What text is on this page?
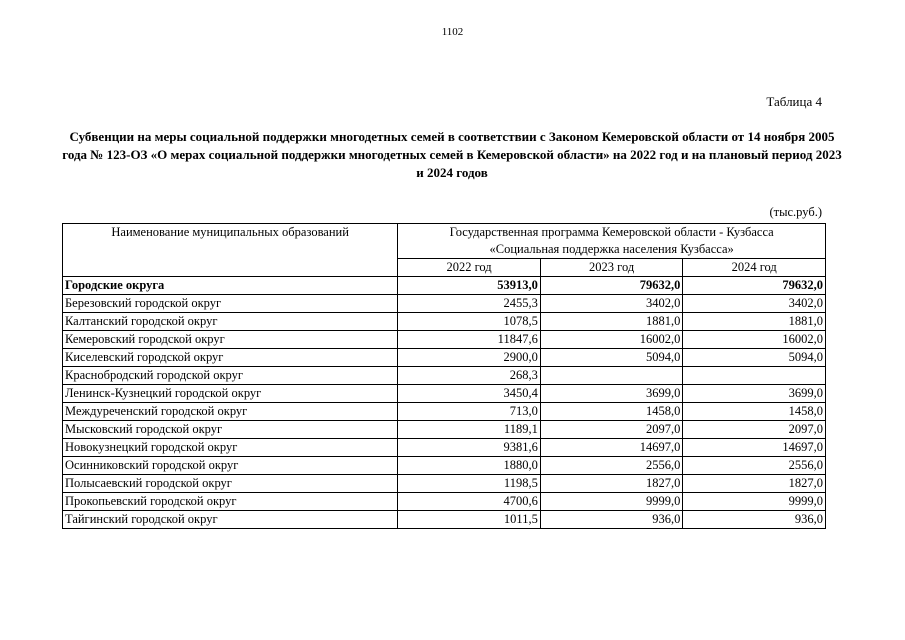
1102
Таблица 4
Субвенции на меры социальной поддержки многодетных семей в соответствии с Законом Кемеровской области от 14 ноября 2005 года № 123-ОЗ «О мерах социальной поддержки многодетных семей в Кемеровской области» на 2022 год и на плановый период 2023 и 2024 годов
(тыс.руб.)
Наименование муниципальных образований	Государственная программа Кемеровской области - Кузбасса
«Социальная поддержка населения Кузбасса»		
	2022 год	2023 год	2024 год
Городские округа	53913,0	79632,0	79632,0
Березовский городской округ	2455,3	3402,0	3402,0
Калтанский городской округ	1078,5	1881,0	1881,0
Кемеровский городской округ	11847,6	16002,0	16002,0
Киселевский городской округ	2900,0	5094,0	5094,0
Краснобродский городской округ	268,3		
Ленинск-Кузнецкий городской округ	3450,4	3699,0	3699,0
Междуреченский городской округ	713,0	1458,0	1458,0
Мысковский городской округ	1189,1	2097,0	2097,0
Новокузнецкий городской округ	9381,6	14697,0	14697,0
Осинниковский городской округ	1880,0	2556,0	2556,0
Полысаевский городской округ	1198,5	1827,0	1827,0
Прокопьевский городской округ	4700,6	9999,0	9999,0
Тайгинский городской округ	1011,5	936,0	936,0
